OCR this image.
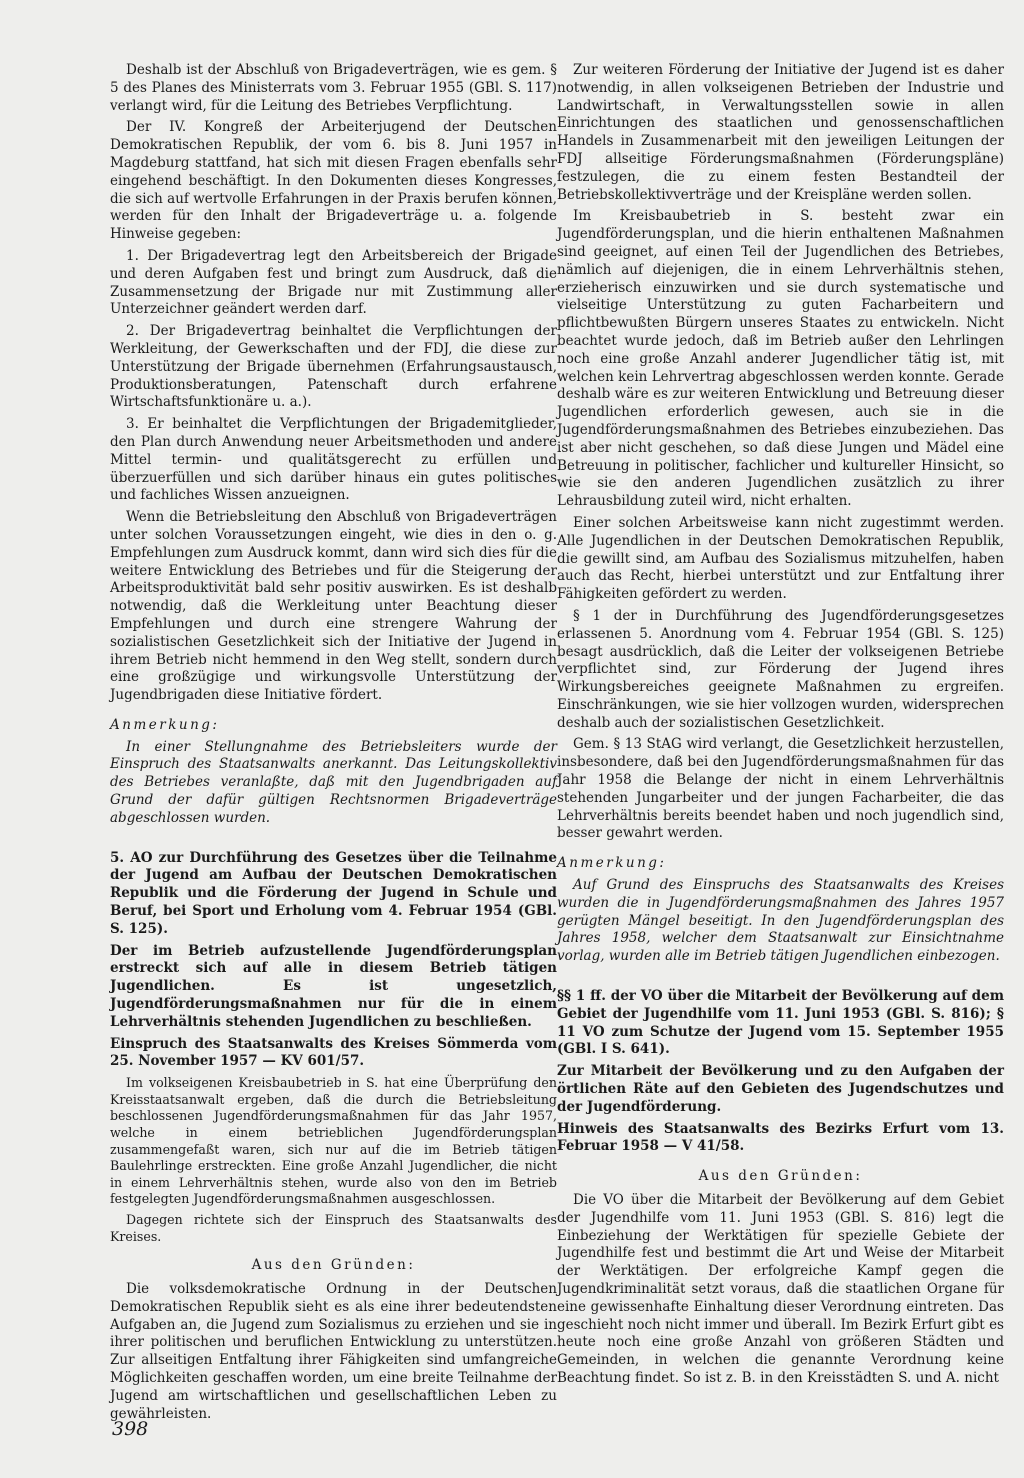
Deshalb ist der Abschluß von Brigadeverträgen, wie es gem. § 5 des Planes des Ministerrats vom 3. Februar 1955 (GBl. S. 117) verlangt wird, für die Leitung des Betriebes Verpflichtung.

Der IV. Kongreß der Arbeiterjugend der Deutschen Demokratischen Republik, der vom 6. bis 8. Juni 1957 in Magdeburg stattfand, hat sich mit diesen Fragen ebenfalls sehr eingehend beschäftigt. In den Dokumenten dieses Kongresses, die sich auf wertvolle Erfahrungen in der Praxis berufen können, werden für den Inhalt der Brigadeverträge u. a. folgende Hinweise gegeben:

1. Der Brigadevertrag legt den Arbeitsbereich der Brigade und deren Aufgaben fest und bringt zum Ausdruck, daß die Zusammensetzung der Brigade nur mit Zustimmung aller Unterzeichner geändert werden darf.

2. Der Brigadevertrag beinhaltet die Verpflichtungen der Werkleitung, der Gewerkschaften und der FDJ, die diese zur Unterstützung der Brigade übernehmen (Erfahrungsaustausch, Produktionsberatungen, Patenschaft durch erfahrene Wirtschaftsfunktionäre u. a.).

3. Er beinhaltet die Verpflichtungen der Brigademitglieder, den Plan durch Anwendung neuer Arbeitsmethoden und andere Mittel termin- und qualitätsgerecht zu erfüllen und überzuerfüllen und sich darüber hinaus ein gutes politisches und fachliches Wissen anzueignen.

Wenn die Betriebsleitung den Abschluß von Brigadeverträgen unter solchen Voraussetzungen eingeht, wie dies in den o. g. Empfehlungen zum Ausdruck kommt, dann wird sich dies für die weitere Entwicklung des Betriebes und für die Steigerung der Arbeitsproduktivität bald sehr positiv auswirken. Es ist deshalb notwendig, daß die Werkleitung unter Beachtung dieser Empfehlungen und durch eine strengere Wahrung der sozialistischen Gesetzlichkeit sich der Initiative der Jugend in ihrem Betrieb nicht hemmend in den Weg stellt, sondern durch eine großzügige und wirkungsvolle Unterstützung der Jugendbrigaden diese Initiative fördert.

Anmerkung:

In einer Stellungnahme des Betriebsleiters wurde der Einspruch des Staatsanwalts anerkannt. Das Leitungskollektiv des Betriebes veranlaßte, daß mit den Jugendbrigaden auf Grund der dafür gültigen Rechtsnormen Brigadeverträge abgeschlossen wurden.

5. AO zur Durchführung des Gesetzes über die Teilnahme der Jugend am Aufbau der Deutschen Demokratischen Republik und die Förderung der Jugend in Schule und Beruf, bei Sport und Erholung vom 4. Februar 1954 (GBl. S. 125).

Der im Betrieb aufzustellende Jugendförderungsplan erstreckt sich auf alle in diesem Betrieb tätigen Jugendlichen. Es ist ungesetzlich, Jugendförderungsmaßnahmen nur für die in einem Lehrverhältnis stehenden Jugendlichen zu beschließen.

Einspruch des Staatsanwalts des Kreises Sömmerda vom 25. November 1957 — KV 601/57.

Im volkseigenen Kreisbaubetrieb in S. hat eine Überprüfung den Kreisstaatsanwalt ergeben, daß die durch die Betriebsleitung beschlossenen Jugendförderungsmaßnahmen für das Jahr 1957, welche in einem betrieblichen Jugendförderungsplan zusammengefaßt waren, sich nur auf die im Betrieb tätigen Baulehrlinge erstreckten. Eine große Anzahl Jugendlicher, die nicht in einem Lehrverhältnis stehen, wurde also von den im Betrieb festgelegten Jugendförderungsmaßnahmen ausgeschlossen.

Dagegen richtete sich der Einspruch des Staatsanwalts des Kreises.

Aus den Gründen:

Die volksdemokratische Ordnung in der Deutschen Demokratischen Republik sieht es als eine ihrer bedeutendsten Aufgaben an, die Jugend zum Sozialismus zu erziehen und sie in ihrer politischen und beruflichen Entwicklung zu unterstützen. Zur allseitigen Entfaltung ihrer Fähigkeiten sind umfangreiche Möglichkeiten geschaffen worden, um eine breite Teilnahme der Jugend am wirtschaftlichen und gesellschaftlichen Leben zu gewährleisten.

Zur weiteren Förderung der Initiative der Jugend ist es daher notwendig, in allen volkseigenen Betrieben der Industrie und Landwirtschaft, in Verwaltungsstellen sowie in allen Einrichtungen des staatlichen und genossenschaftlichen Handels in Zusammenarbeit mit den jeweiligen Leitungen der FDJ allseitige Förderungsmaßnahmen (Förderungspläne) festzulegen, die zu einem festen Bestandteil der Betriebskollektivverträge und der Kreispläne werden sollen.

Im Kreisbaubetrieb in S. besteht zwar ein Jugendförderungsplan, und die hierin enthaltenen Maßnahmen sind geeignet, auf einen Teil der Jugendlichen des Betriebes, nämlich auf diejenigen, die in einem Lehrverhältnis stehen, erzieherisch einzuwirken und sie durch systematische und vielseitige Unterstützung zu guten Facharbeitern und pflichtbewußten Bürgern unseres Staates zu entwickeln. Nicht beachtet wurde jedoch, daß im Betrieb außer den Lehrlingen noch eine große Anzahl anderer Jugendlicher tätig ist, mit welchen kein Lehrvertrag abgeschlossen werden konnte. Gerade deshalb wäre es zur weiteren Entwicklung und Betreuung dieser Jugendlichen erforderlich gewesen, auch sie in die Jugendförderungsmaßnahmen des Betriebes einzubeziehen. Das ist aber nicht geschehen, so daß diese Jungen und Mädel eine Betreuung in politischer, fachlicher und kultureller Hinsicht, so wie sie den anderen Jugendlichen zusätzlich zu ihrer Lehrausbildung zuteil wird, nicht erhalten.

Einer solchen Arbeitsweise kann nicht zugestimmt werden. Alle Jugendlichen in der Deutschen Demokratischen Republik, die gewillt sind, am Aufbau des Sozialismus mitzuhelfen, haben auch das Recht, hierbei unterstützt und zur Entfaltung ihrer Fähigkeiten gefördert zu werden.

§ 1 der in Durchführung des Jugendförderungsgesetzes erlassenen 5. Anordnung vom 4. Februar 1954 (GBl. S. 125) besagt ausdrücklich, daß die Leiter der volkseigenen Betriebe verpflichtet sind, zur Förderung der Jugend ihres Wirkungsbereiches geeignete Maßnahmen zu ergreifen. Einschränkungen, wie sie hier vollzogen wurden, widersprechen deshalb auch der sozialistischen Gesetzlichkeit.

Gem. § 13 StAG wird verlangt, die Gesetzlichkeit herzustellen, insbesondere, daß bei den Jugendförderungsmaßnahmen für das Jahr 1958 die Belange der nicht in einem Lehrverhältnis stehenden Jungarbeiter und der jungen Facharbeiter, die das Lehrverhältnis bereits beendet haben und noch jugendlich sind, besser gewahrt werden.

Anmerkung:

Auf Grund des Einspruchs des Staatsanwalts des Kreises wurden die in Jugendförderungsmaßnahmen des Jahres 1957 gerügten Mängel beseitigt. In den Jugendförderungsplan des Jahres 1958, welcher dem Staatsanwalt zur Einsichtnahme vorlag, wurden alle im Betrieb tätigen Jugendlichen einbezogen.

§§ 1 ff. der VO über die Mitarbeit der Bevölkerung auf dem Gebiet der Jugendhilfe vom 11. Juni 1953 (GBl. S. 816); § 11 VO zum Schutze der Jugend vom 15. September 1955 (GBl. I S. 641).

Zur Mitarbeit der Bevölkerung und zu den Aufgaben der örtlichen Räte auf den Gebieten des Jugendschutzes und der Jugendförderung.

Hinweis des Staatsanwalts des Bezirks Erfurt vom 13. Februar 1958 — V 41/58.

Aus den Gründen:

Die VO über die Mitarbeit der Bevölkerung auf dem Gebiet der Jugendhilfe vom 11. Juni 1953 (GBl. S. 816) legt die Einbeziehung der Werktätigen für spezielle Gebiete der Jugendhilfe fest und bestimmt die Art und Weise der Mitarbeit der Werktätigen. Der erfolgreiche Kampf gegen die Jugendkriminalität setzt voraus, daß die staatlichen Organe für eine gewissenhafte Einhaltung dieser Verordnung eintreten. Das geschieht noch nicht immer und überall. Im Bezirk Erfurt gibt es heute noch eine große Anzahl von größeren Städten und Gemeinden, in welchen die genannte Verordnung keine Beachtung findet. So ist z. B. in den Kreisstädten S. und A. nicht

398
